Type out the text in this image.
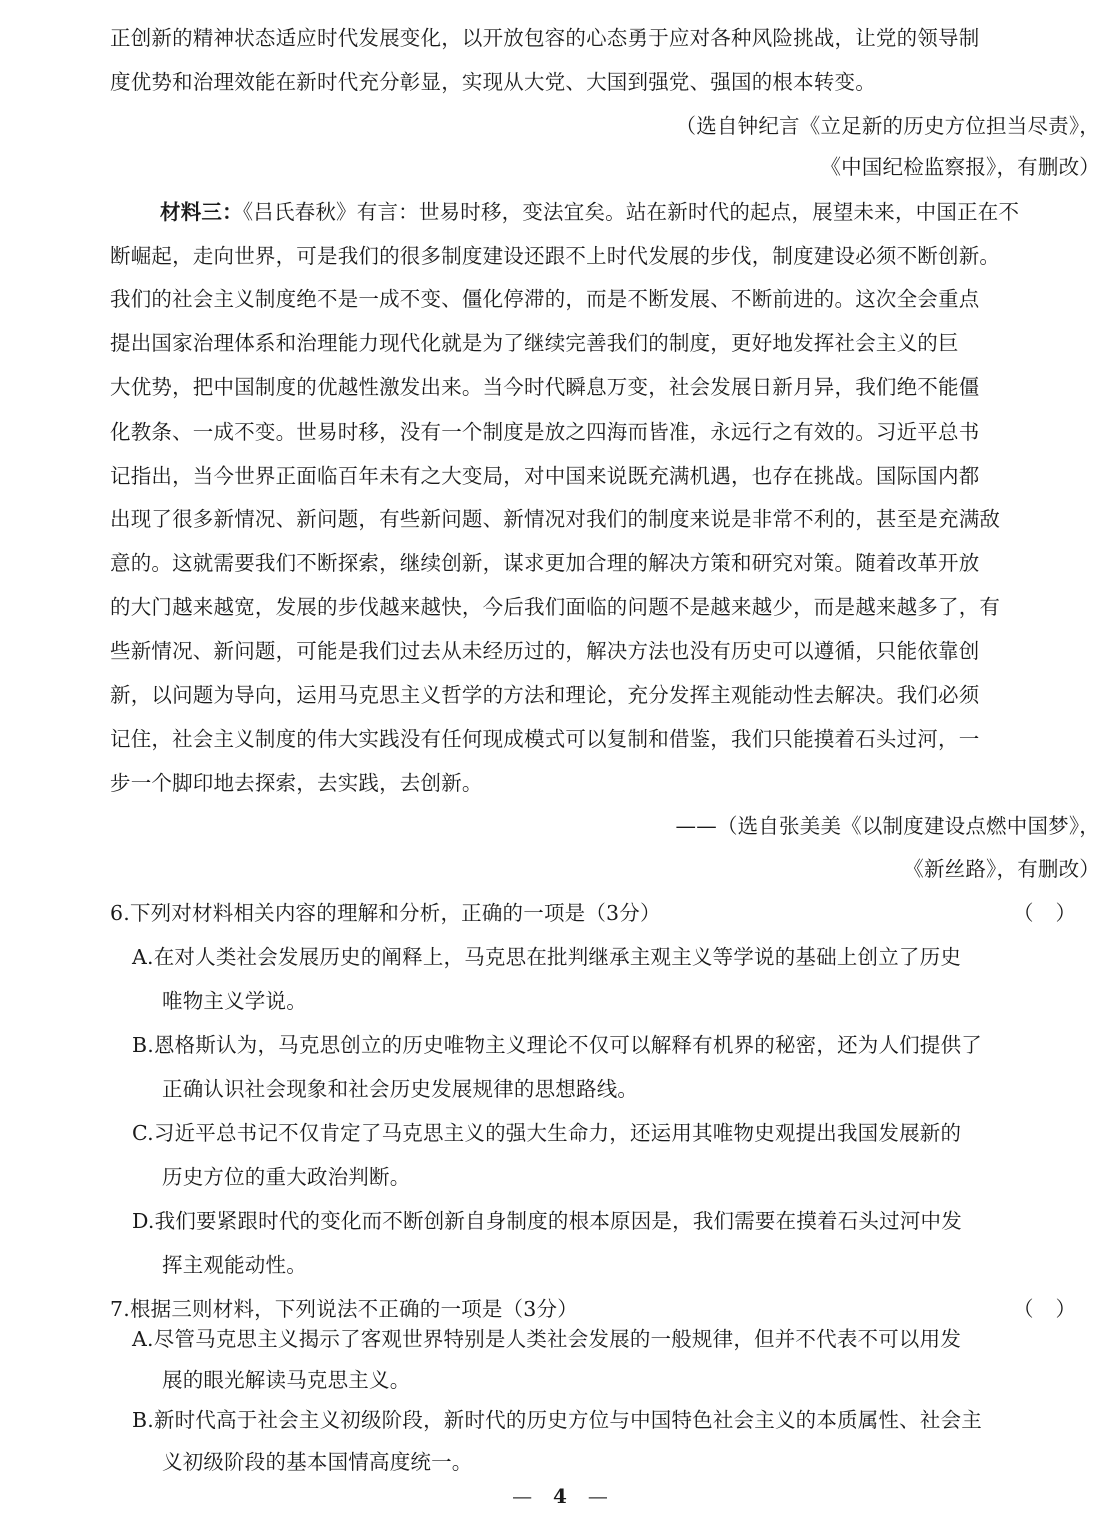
正创新的精神状态适应时代发展变化，以开放包容的心态勇于应对各种风险挑战，让党的领导制
度优势和治理效能在新时代充分彰显，实现从大党、大国到强党、强国的根本转变。
（选自钟纪言《立足新的历史方位担当尽责》，
《中国纪检监察报》，有删改）
材料三：《吕氏春秋》有言：世易时移，变法宜矣。站在新时代的起点，展望未来，中国正在不
断崛起，走向世界，可是我们的很多制度建设还跟不上时代发展的步伐，制度建设必须不断创新。
我们的社会主义制度绝不是一成不变、僵化停滞的，而是不断发展、不断前进的。这次全会重点
提出国家治理体系和治理能力现代化就是为了继续完善我们的制度，更好地发挥社会主义的巨
大优势，把中国制度的优越性激发出来。当今时代瞬息万变，社会发展日新月异，我们绝不能僵
化教条、一成不变。世易时移，没有一个制度是放之四海而皆准，永远行之有效的。习近平总书
记指出，当今世界正面临百年未有之大变局，对中国来说既充满机遇，也存在挑战。国际国内都
出现了很多新情况、新问题，有些新问题、新情况对我们的制度来说是非常不利的，甚至是充满敌
意的。这就需要我们不断探索，继续创新，谋求更加合理的解决方策和研究对策。随着改革开放
的大门越来越宽，发展的步伐越来越快，今后我们面临的问题不是越来越少，而是越来越多了，有
些新情况、新问题，可能是我们过去从未经历过的，解决方法也没有历史可以遵循，只能依靠创
新，以问题为导向，运用马克思主义哲学的方法和理论，充分发挥主观能动性去解决。我们必须
记住，社会主义制度的伟大实践没有任何现成模式可以复制和借鉴，我们只能摸着石头过河，一
步一个脚印地去探索，去实践，去创新。
——（选自张美美《以制度建设点燃中国梦》，
《新丝路》，有删改）
6.下列对材料相关内容的理解和分析，正确的一项是（3分）	（）
A.在对人类社会发展历史的阐释上，马克思在批判继承主观主义等学说的基础上创立了历史
唯物主义学说。
B.恩格斯认为，马克思创立的历史唯物主义理论不仅可以解释有机界的秘密，还为人们提供了
正确认识社会现象和社会历史发展规律的思想路线。
C.习近平总书记不仅肯定了马克思主义的强大生命力，还运用其唯物史观提出我国发展新的
历史方位的重大政治判断。
D.我们要紧跟时代的变化而不断创新自身制度的根本原因是，我们需要在摸着石头过河中发
挥主观能动性。
7.根据三则材料，下列说法不正确的一项是（3分）	（）
A.尽管马克思主义揭示了客观世界特别是人类社会发展的一般规律，但并不代表不可以用发
展的眼光解读马克思主义。
B.新时代高于社会主义初级阶段，新时代的历史方位与中国特色社会主义的本质属性、社会主
— 4 —
义初级阶段的基本国情高度统一。
